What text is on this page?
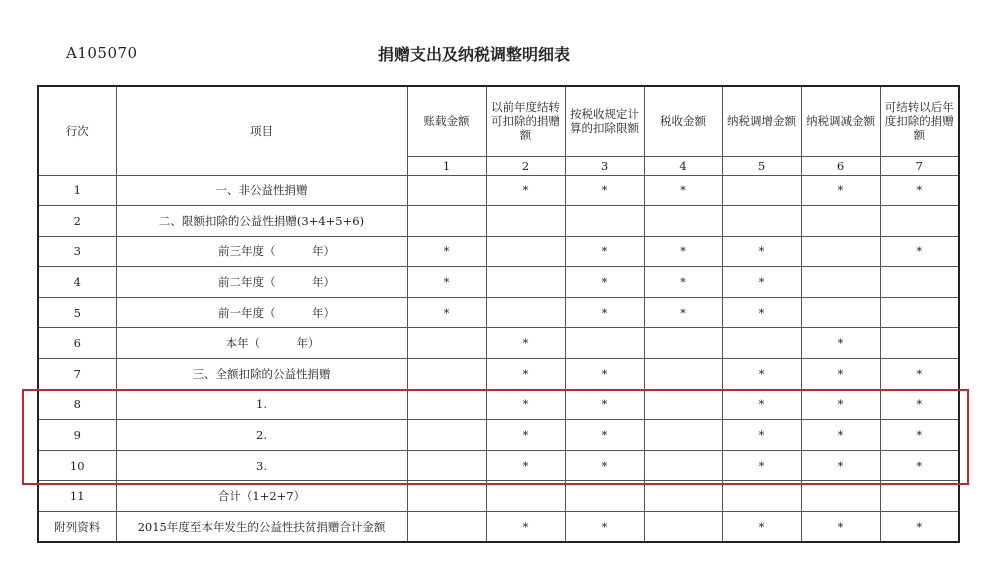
A105070	捐赠支出及纳税调整明细表
行次	项目	账载金额	以前年度结转可扣除的捐赠额	按税收规定计算的扣除限额	税收金额	纳税调增金额	纳税调减金额	可结转以后年度扣除的捐赠额
		1	2	3	4	5	6	7
1	一、非公益性捐赠		*	*	*		*	*
2	二、限额扣除的公益性捐赠(3+4+5+6)							
3	前三年度（          年）	*		*	*	*		*
4	前二年度（          年）	*		*	*	*		
5	前一年度（          年）	*		*	*	*		
6	本年（          年）		*				*	
7	三、全额扣除的公益性捐赠		*	*		*	*	*
8	1.		*	*		*	*	*
9	2.		*	*		*	*	*
10	3.		*	*		*	*	*
11	合计（1+2+7）							
附列资料	2015年度至本年发生的公益性扶贫捐赠合计金额		*	*		*	*	*
